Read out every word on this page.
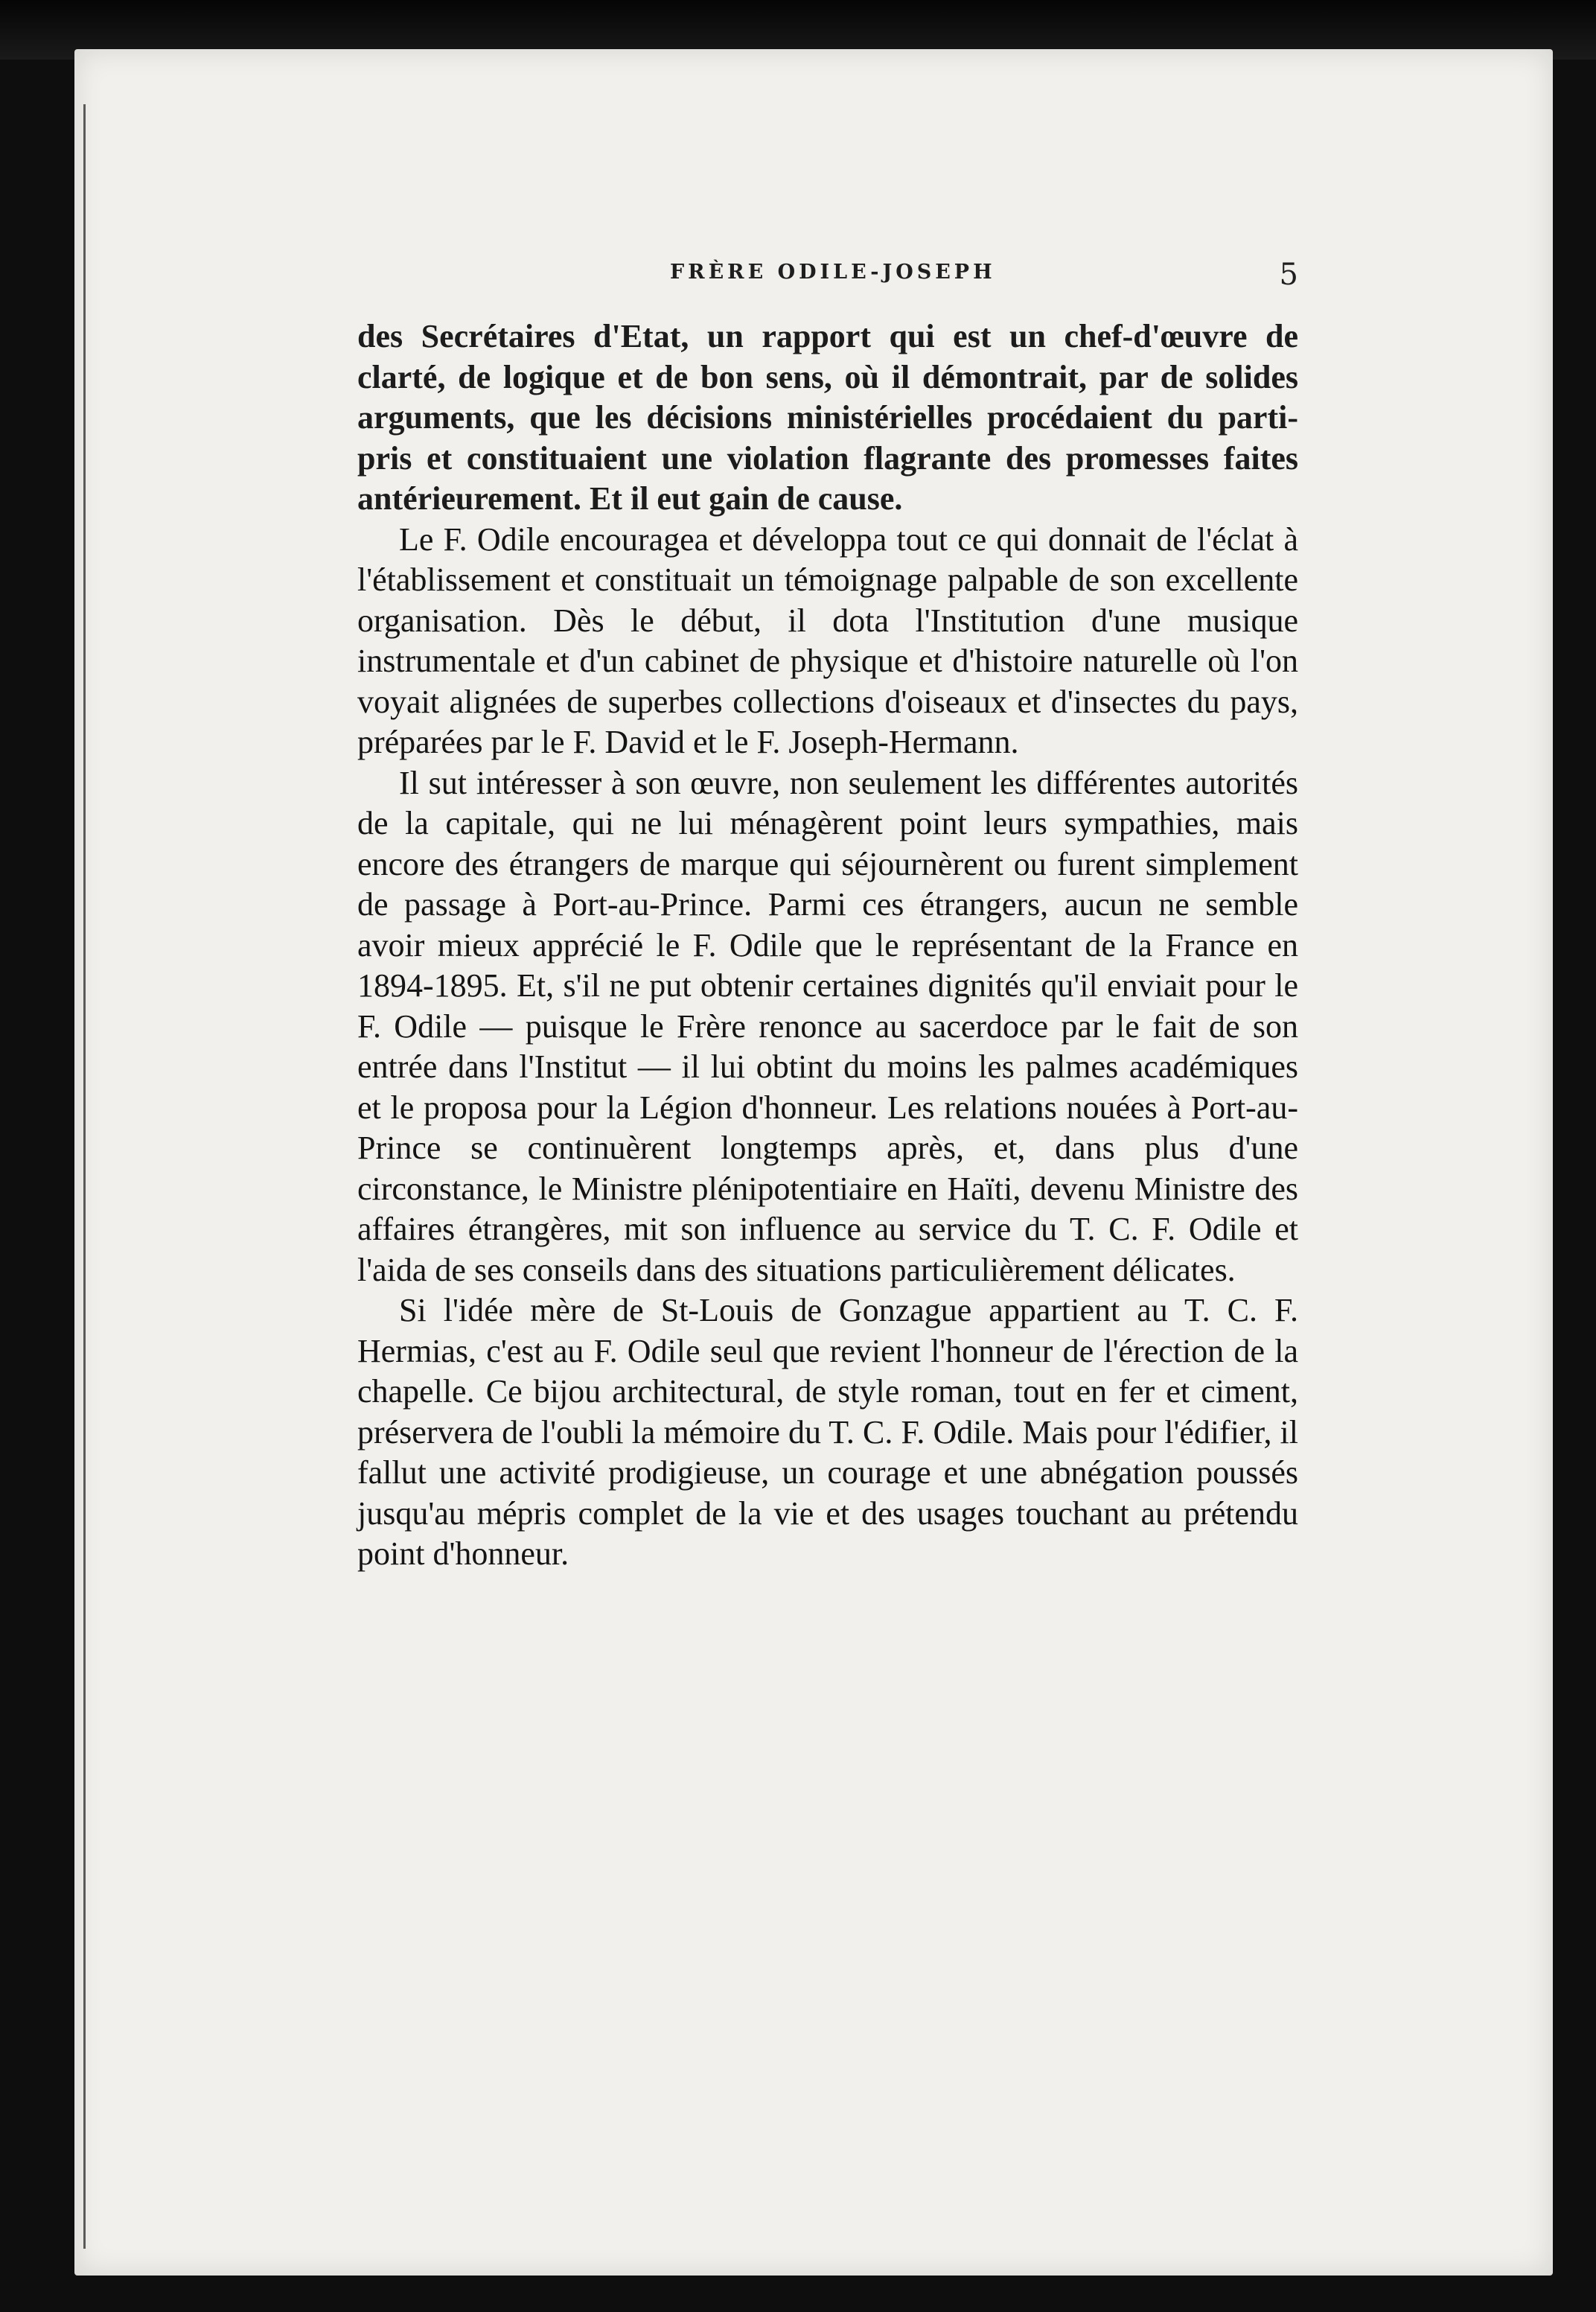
FRÈRE ODILE-JOSEPH	5

des Secrétaires d'Etat, un rapport qui est un chef-d'œuvre de clarté, de logique et de bon sens, où il démontrait, par de solides arguments, que les décisions ministérielles procédaient du parti-pris et constituaient une violation flagrante des promesses faites antérieurement. Et il eut gain de cause.

Le F. Odile encouragea et développa tout ce qui donnait de l'éclat à l'établissement et constituait un témoignage palpable de son excellente organisation. Dès le début, il dota l'Institution d'une musique instrumentale et d'un cabinet de physique et d'histoire naturelle où l'on voyait alignées de superbes collections d'oiseaux et d'insectes du pays, préparées par le F. David et le F. Joseph-Hermann.

Il sut intéresser à son œuvre, non seulement les différentes autorités de la capitale, qui ne lui ménagèrent point leurs sympathies, mais encore des étrangers de marque qui séjournèrent ou furent simplement de passage à Port-au-Prince. Parmi ces étrangers, aucun ne semble avoir mieux apprécié le F. Odile que le représentant de la France en 1894-1895. Et, s'il ne put obtenir certaines dignités qu'il enviait pour le F. Odile — puisque le Frère renonce au sacerdoce par le fait de son entrée dans l'Institut — il lui obtint du moins les palmes académiques et le proposa pour la Légion d'honneur. Les relations nouées à Port-au-Prince se continuèrent longtemps après, et, dans plus d'une circonstance, le Ministre plénipotentiaire en Haïti, devenu Ministre des affaires étrangères, mit son influence au service du T. C. F. Odile et l'aida de ses conseils dans des situations particulièrement délicates.

Si l'idée mère de St-Louis de Gonzague appartient au T. C. F. Hermias, c'est au F. Odile seul que revient l'honneur de l'érection de la chapelle. Ce bijou architectural, de style roman, tout en fer et ciment, préservera de l'oubli la mémoire du T. C. F. Odile. Mais pour l'édifier, il fallut une activité prodigieuse, un courage et une abnégation poussés jusqu'au mépris complet de la vie et des usages touchant au prétendu point d'honneur.
